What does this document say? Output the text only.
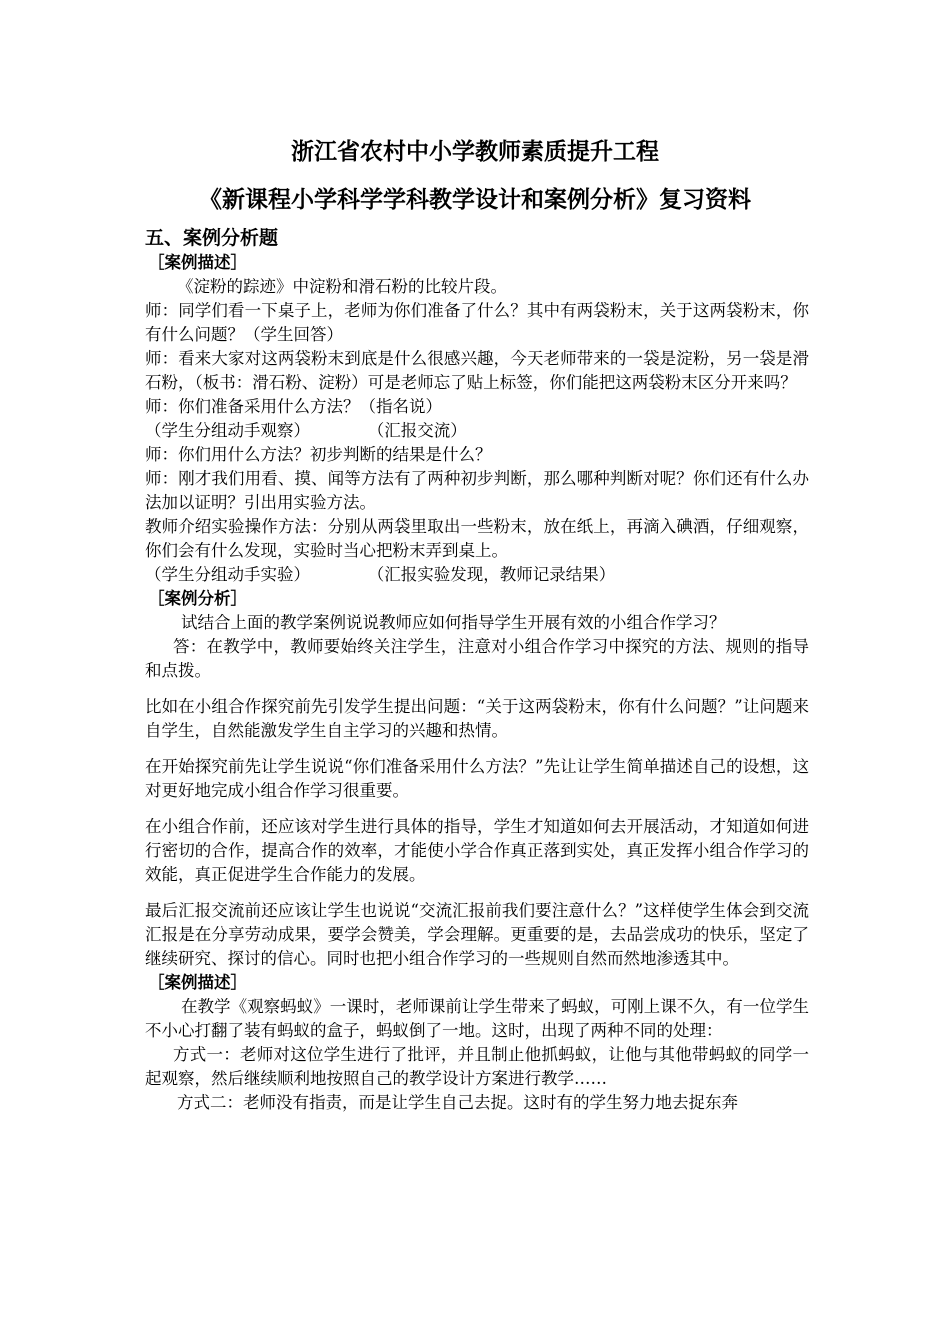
浙江省农村中小学教师素质提升工程
《新课程小学科学学科教学设计和案例分析》复习资料
五、案例分析题
［案例描述］

《淀粉的踪迹》中淀粉和滑石粉的比较片段。

师：同学们看一下桌子上，老师为你们准备了什么？其中有两袋粉末，关于这两袋粉末，你有什么问题？（学生回答）

师：看来大家对这两袋粉末到底是什么很感兴趣，今天老师带来的一袋是淀粉，另一袋是滑石粉，（板书：滑石粉、淀粉）可是老师忘了贴上标签，你们能把这两袋粉末区分开来吗？

师：你们准备采用什么方法？（指名说）

（学生分组动手观察）           （汇报交流）

师：你们用什么方法？初步判断的结果是什么？

师：刚才我们用看、摸、闻等方法有了两种初步判断，那么哪种判断对呢？你们还有什么办法加以证明？引出用实验方法。

教师介绍实验操作方法：分别从两袋里取出一些粉末，放在纸上，再滴入碘酒，仔细观察，你们会有什么发现，实验时当心把粉末弄到桌上。

（学生分组动手实验）           （汇报实验发现，教师记录结果）

［案例分析］

试结合上面的教学案例说说教师应如何指导学生开展有效的小组合作学习？

答：在教学中，教师要始终关注学生，注意对小组合作学习中探究的方法、规则的指导和点拨。

比如在小组合作探究前先引发学生提出问题：“关于这两袋粉末，你有什么问题？”让问题来自学生，自然能激发学生自主学习的兴趣和热情。

在开始探究前先让学生说说“你们准备采用什么方法？”先让让学生简单描述自己的设想，这对更好地完成小组合作学习很重要。

在小组合作前，还应该对学生进行具体的指导，学生才知道如何去开展活动，才知道如何进行密切的合作，提高合作的效率，才能使小学合作真正落到实处，真正发挥小组合作学习的效能，真正促进学生合作能力的发展。

最后汇报交流前还应该让学生也说说“交流汇报前我们要注意什么？”这样使学生体会到交流汇报是在分享劳动成果，要学会赞美，学会理解。更重要的是，去品尝成功的快乐，坚定了继续研究、探讨的信心。同时也把小组合作学习的一些规则自然而然地渗透其中。

［案例描述］

在教学《观察蚂蚁》一课时，老师课前让学生带来了蚂蚁，可刚上课不久，有一位学生不小心打翻了装有蚂蚁的盒子，蚂蚁倒了一地。这时，出现了两种不同的处理：

方式一：老师对这位学生进行了批评，并且制止他抓蚂蚁，让他与其他带蚂蚁的同学一起观察，然后继续顺利地按照自己的教学设计方案进行教学……

方式二：老师没有指责，而是让学生自己去捉。这时有的学生努力地去捉东奔
